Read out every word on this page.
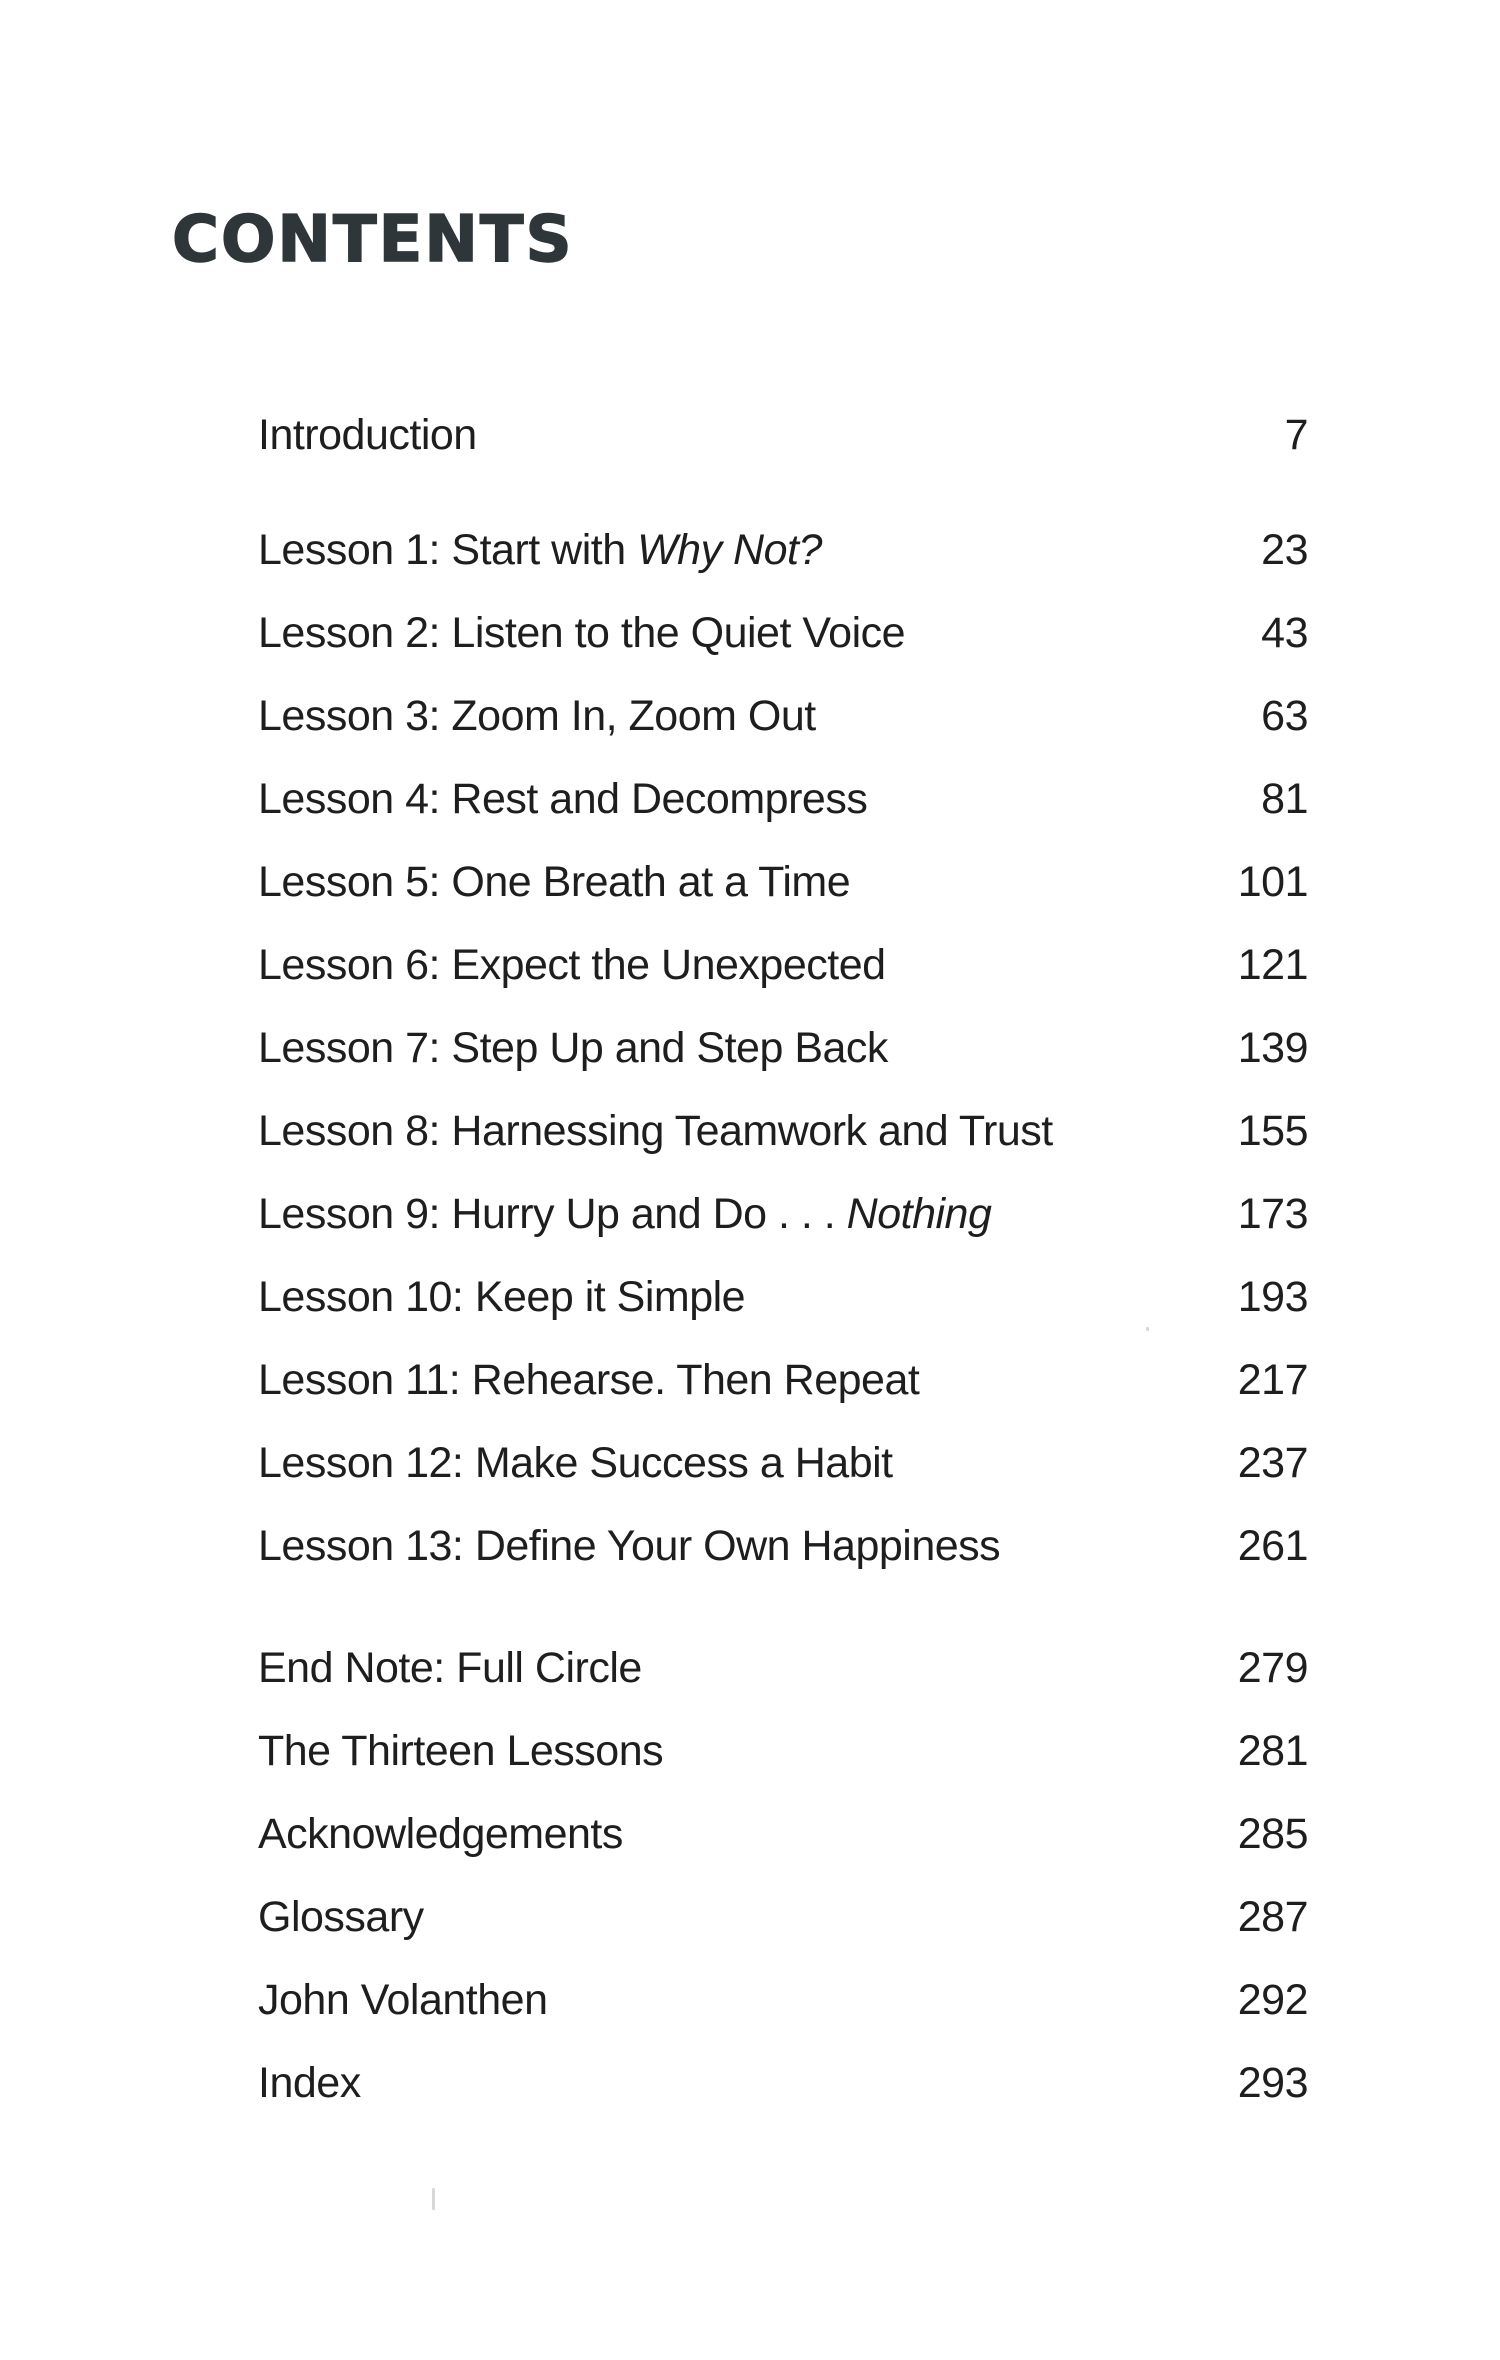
CONTENTS
Introduction	7
Lesson 1: Start with Why Not?	23
Lesson 2: Listen to the Quiet Voice	43
Lesson 3: Zoom In, Zoom Out	63
Lesson 4: Rest and Decompress	81
Lesson 5: One Breath at a Time	101
Lesson 6: Expect the Unexpected	121
Lesson 7: Step Up and Step Back	139
Lesson 8: Harnessing Teamwork and Trust	155
Lesson 9: Hurry Up and Do . . . Nothing	173
Lesson 10: Keep it Simple	193
Lesson 11: Rehearse. Then Repeat	217
Lesson 12: Make Success a Habit	237
Lesson 13: Define Your Own Happiness	261
End Note: Full Circle	279
The Thirteen Lessons	281
Acknowledgements	285
Glossary	287
John Volanthen	292
Index	293
